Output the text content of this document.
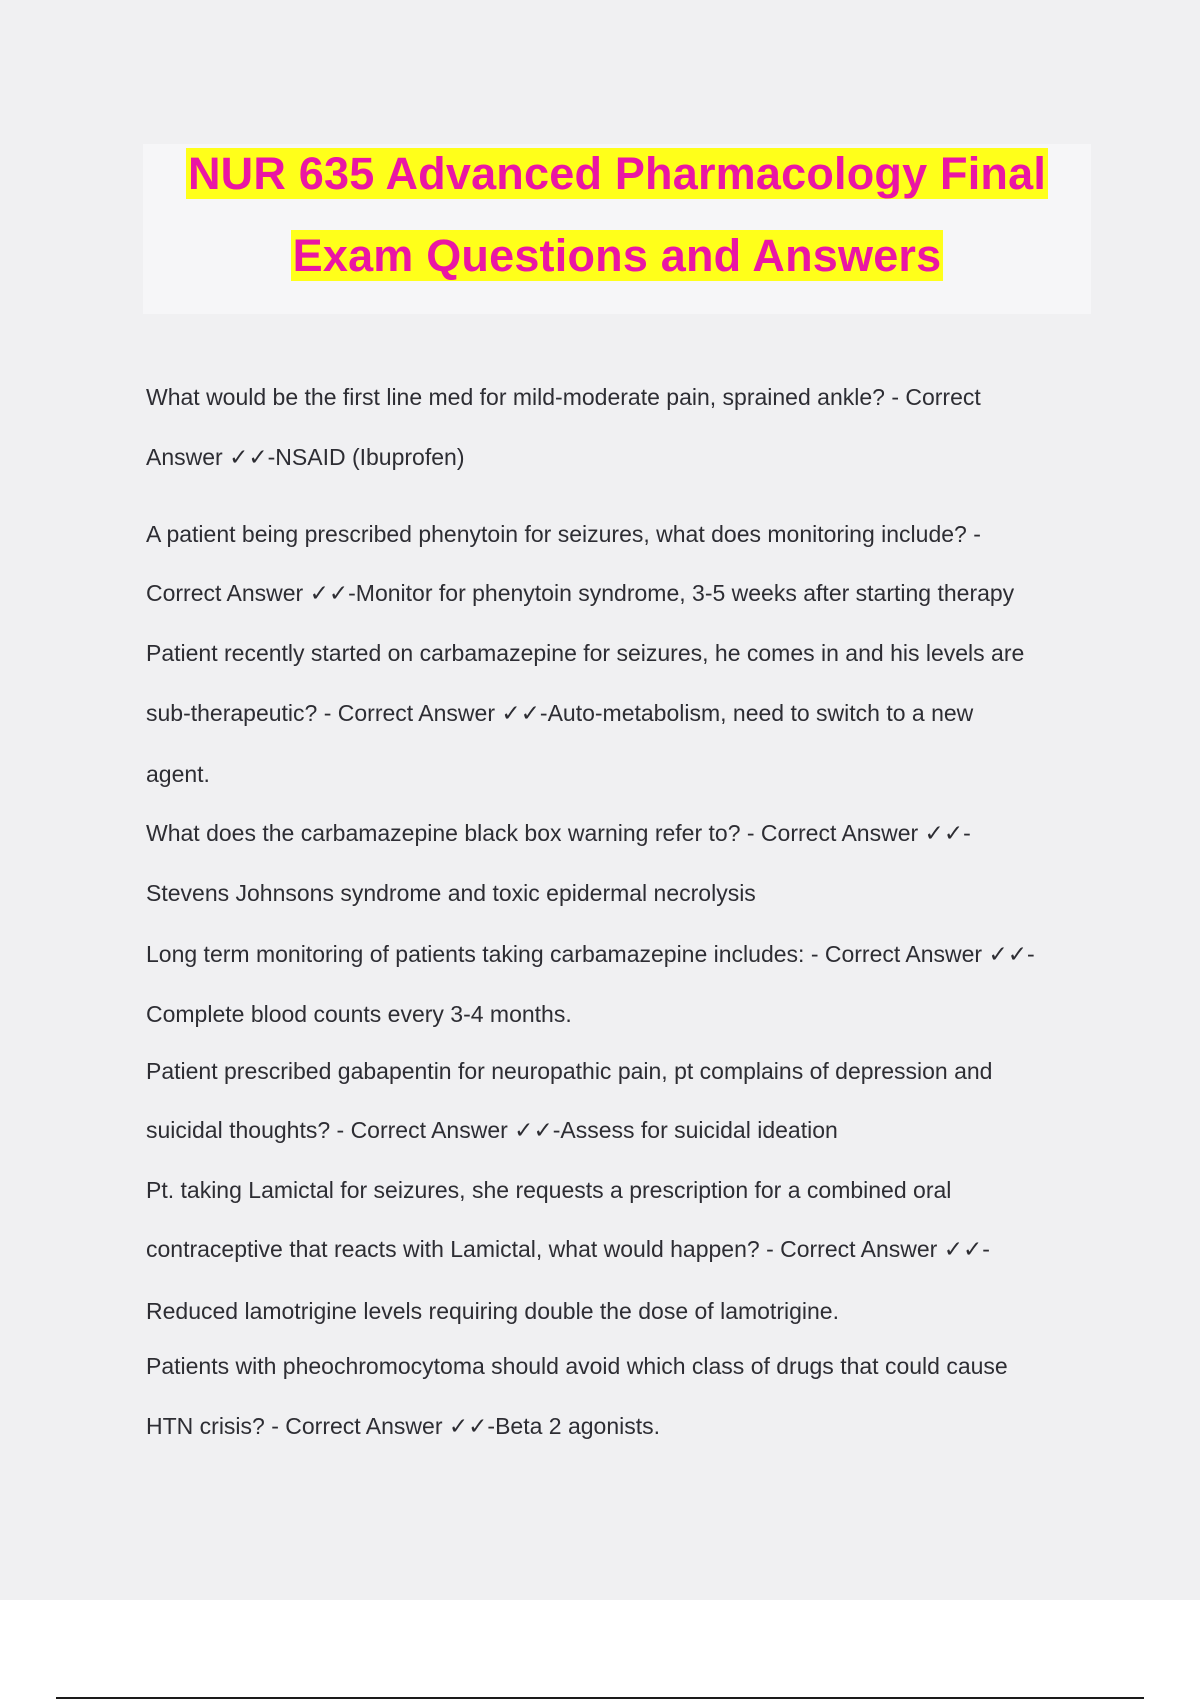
NUR 635 Advanced Pharmacology Final
Exam Questions and Answers
What would be the first line med for mild-moderate pain, sprained ankle? - Correct
Answer ✓✓-NSAID (Ibuprofen)
A patient being prescribed phenytoin for seizures, what does monitoring include? -
Correct Answer ✓✓-Monitor for phenytoin syndrome, 3-5 weeks after starting therapy
Patient recently started on carbamazepine for seizures, he comes in and his levels are
sub-therapeutic? - Correct Answer ✓✓-Auto-metabolism, need to switch to a new
agent.
What does the carbamazepine black box warning refer to? - Correct Answer ✓✓-
Stevens Johnsons syndrome and toxic epidermal necrolysis
Long term monitoring of patients taking carbamazepine includes: - Correct Answer ✓✓-
Complete blood counts every 3-4 months.
Patient prescribed gabapentin for neuropathic pain, pt complains of depression and
suicidal thoughts? - Correct Answer ✓✓-Assess for suicidal ideation
Pt. taking Lamictal for seizures, she requests a prescription for a combined oral
contraceptive that reacts with Lamictal, what would happen? - Correct Answer ✓✓-
Reduced lamotrigine levels requiring double the dose of lamotrigine.
Patients with pheochromocytoma should avoid which class of drugs that could cause
HTN crisis? - Correct Answer ✓✓-Beta 2 agonists.
